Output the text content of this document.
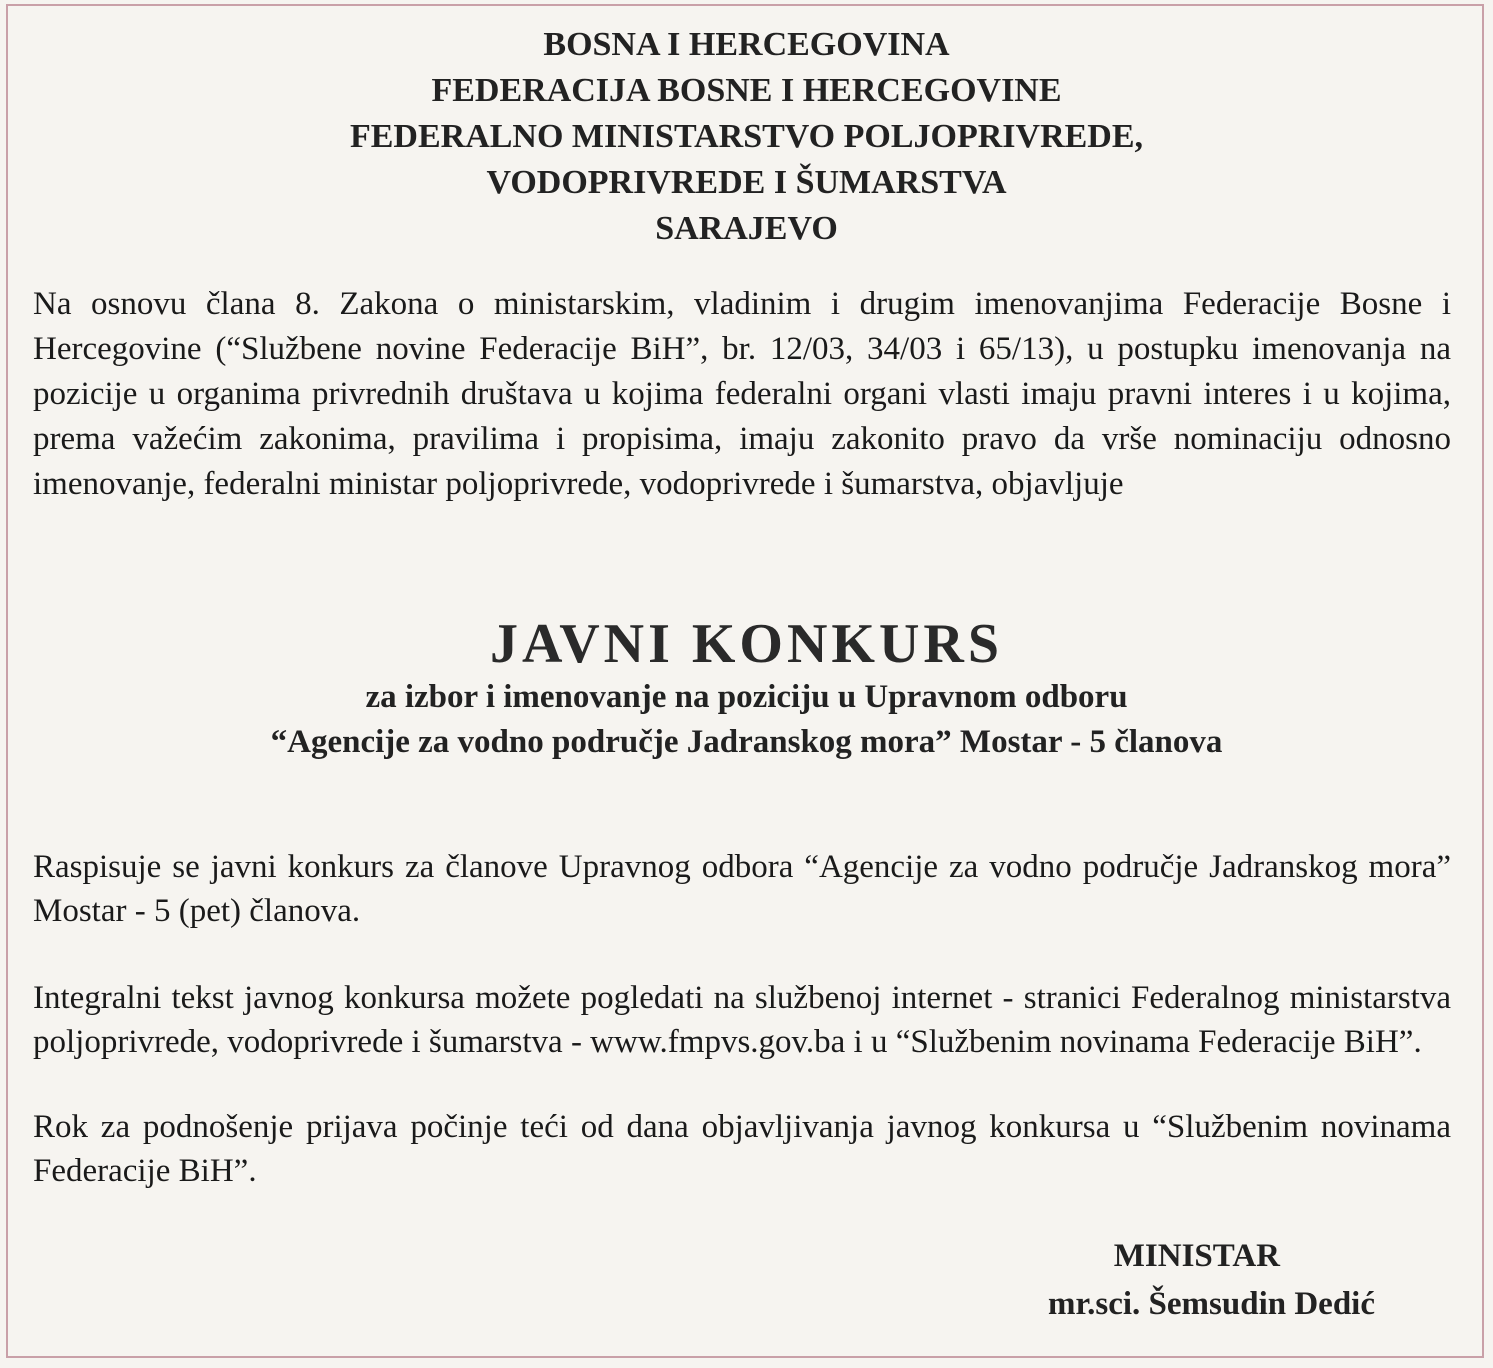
BOSNA I HERCEGOVINA
FEDERACIJA BOSNE I HERCEGOVINE
FEDERALNO MINISTARSTVO POLJOPRIVREDE,
VODOPRIVREDE I ŠUMARSTVA
SARAJEVO
Na osnovu člana 8. Zakona o ministarskim, vladinim i drugim imenovanjima Federacije Bosne i Hercegovine (“Službene novine Federacije BiH”, br. 12/03, 34/03 i 65/13), u postupku imenovanja na pozicije u organima privrednih društava u kojima federalni organi vlasti imaju pravni interes i u kojima, prema važećim zakonima, pravilima i propisima, imaju zakonito pravo da vrše nominaciju odnosno imenovanje, federalni ministar poljoprivrede, vodoprivrede i šumarstva, objavljuje
JAVNI KONKURS
za izbor i imenovanje na poziciju u Upravnom odboru
“Agencije za vodno područje Jadranskog mora” Mostar - 5 članova
Raspisuje se javni konkurs za članove Upravnog odbora “Agencije za vodno područje Jadranskog mora” Mostar - 5 (pet) članova.
Integralni tekst javnog konkursa možete pogledati na službenoj internet - stranici Federalnog ministarstva poljoprivrede, vodoprivrede i šumarstva - www.fmpvs.gov.ba i u “Službenim novinama Federacije BiH”.
Rok za podnošenje prijava počinje teći od dana objavljivanja javnog konkursa u “Službenim novinama Federacije BiH”.
MINISTAR
mr.sci. Šemsudin Dedić
